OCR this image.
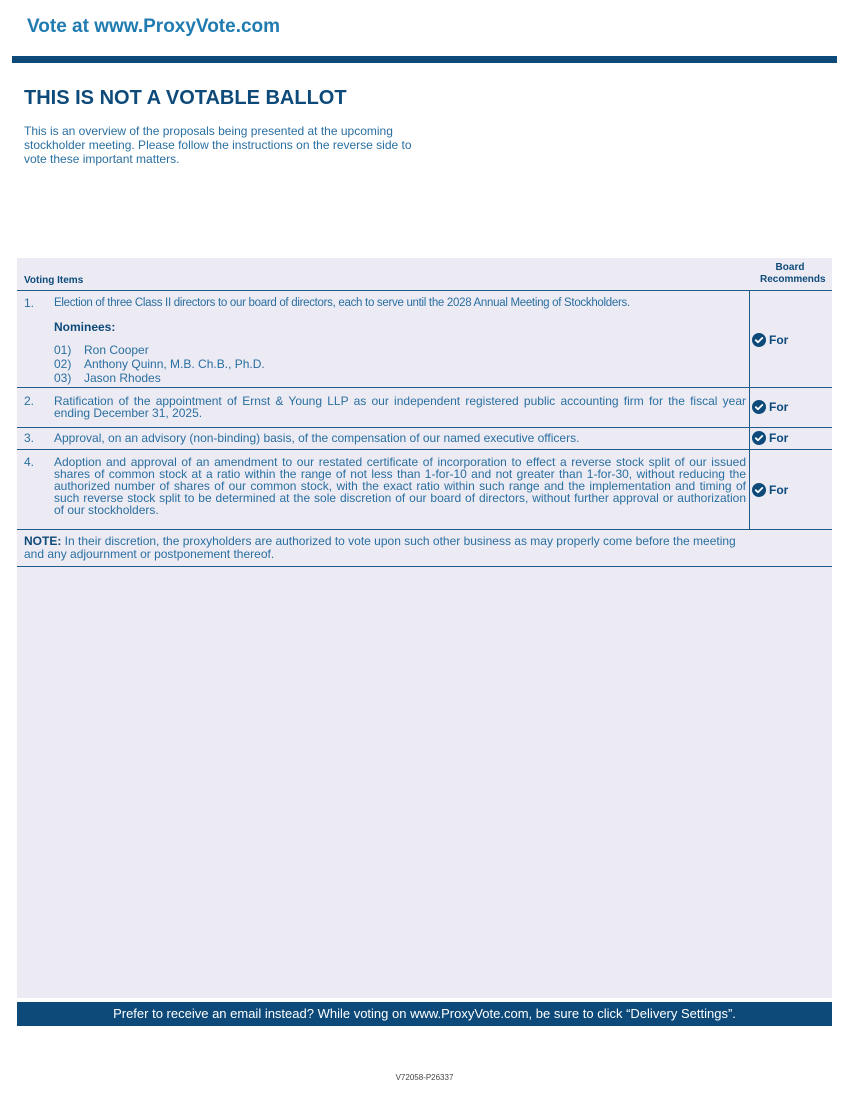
Vote at www.ProxyVote.com
THIS IS NOT A VOTABLE BALLOT
This is an overview of the proposals being presented at the upcoming stockholder meeting. Please follow the instructions on the reverse side to vote these important matters.
Voting Items
Board Recommends
1. Election of three Class II directors to our board of directors, each to serve until the 2028 Annual Meeting of Stockholders.
Nominees:
01) Ron Cooper
02) Anthony Quinn, M.B. Ch.B., Ph.D.
03) Jason Rhodes
For
2. Ratification of the appointment of Ernst & Young LLP as our independent registered public accounting firm for the fiscal year ending December 31, 2025.	For
3. Approval, on an advisory (non-binding) basis, of the compensation of our named executive officers.	For
4. Adoption and approval of an amendment to our restated certificate of incorporation to effect a reverse stock split of our issued shares of common stock at a ratio within the range of not less than 1-for-10 and not greater than 1-for-30, without reducing the authorized number of shares of our common stock, with the exact ratio within such range and the implementation and timing of such reverse stock split to be determined at the sole discretion of our board of directors, without further approval or authorization of our stockholders.
For
NOTE: In their discretion, the proxyholders are authorized to vote upon such other business as may properly come before the meeting and any adjournment or postponement thereof.
Prefer to receive an email instead? While voting on www.ProxyVote.com, be sure to click “Delivery Settings”.
V72058-P26337
